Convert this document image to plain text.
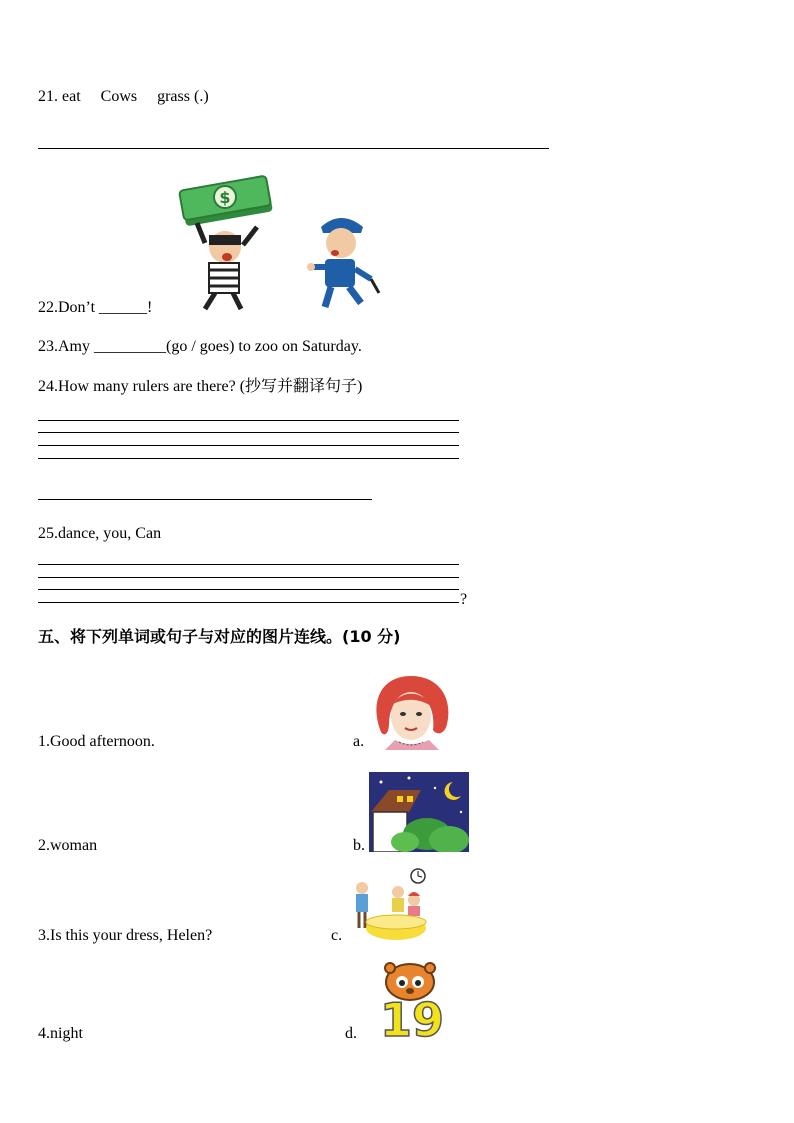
21. eat     Cows     grass (.)
$
22.Don’t ______!
23.Amy _________(go / goes) to zoo on Saturday.
24.How many rulers are there? (抄写并翻译句子)
25.dance, you, Can
?
五、将下列单词或句子与对应的图片连线。(10 分)
1.Good afternoon.	a.
2.woman	b.
3.Is this your dress, Helen?	c.
4.night	d. 19
